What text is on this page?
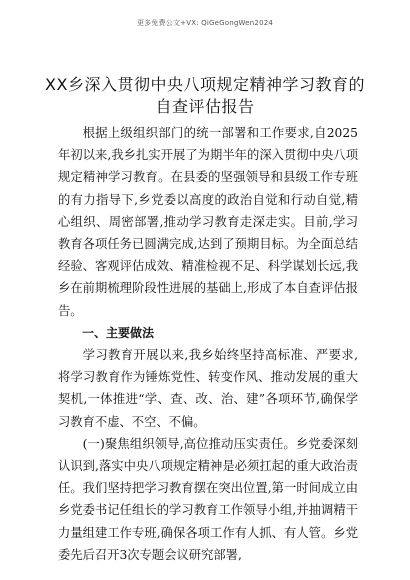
更多免费公文+VX: QiGeGongWen2024
XX乡深入贯彻中央八项规定精神学习教育的
自查评估报告

根据上级组织部门的统一部署和工作要求,自2025年初以来,我乡扎实开展了为期半年的深入贯彻中央八项规定精神学习教育。在县委的坚强领导和县级工作专班的有力指导下,乡党委以高度的政治自觉和行动自觉,精心组织、周密部署,推动学习教育走深走实。目前,学习教育各项任务已圆满完成,达到了预期目标。为全面总结经验、客观评估成效、精准检视不足、科学谋划长远,我乡在前期梳理阶段性进展的基础上,形成了本自查评估报告。

一、主要做法

学习教育开展以来,我乡始终坚持高标准、严要求,将学习教育作为锤炼党性、转变作风、推动发展的重大契机,一体推进“学、查、改、治、建”各项环节,确保学习教育不虚、不空、不偏。

(一)聚焦组织领导,高位推动压实责任。乡党委深刻认识到,落实中央八项规定精神是必须扛起的重大政治责任。我们坚持把学习教育摆在突出位置,第一时间成立由乡党委书记任组长的学习教育工作领导小组,并抽调精干力量组建工作专班,确保各项工作有人抓、有人管。乡党委先后召开3次专题会议研究部署,
